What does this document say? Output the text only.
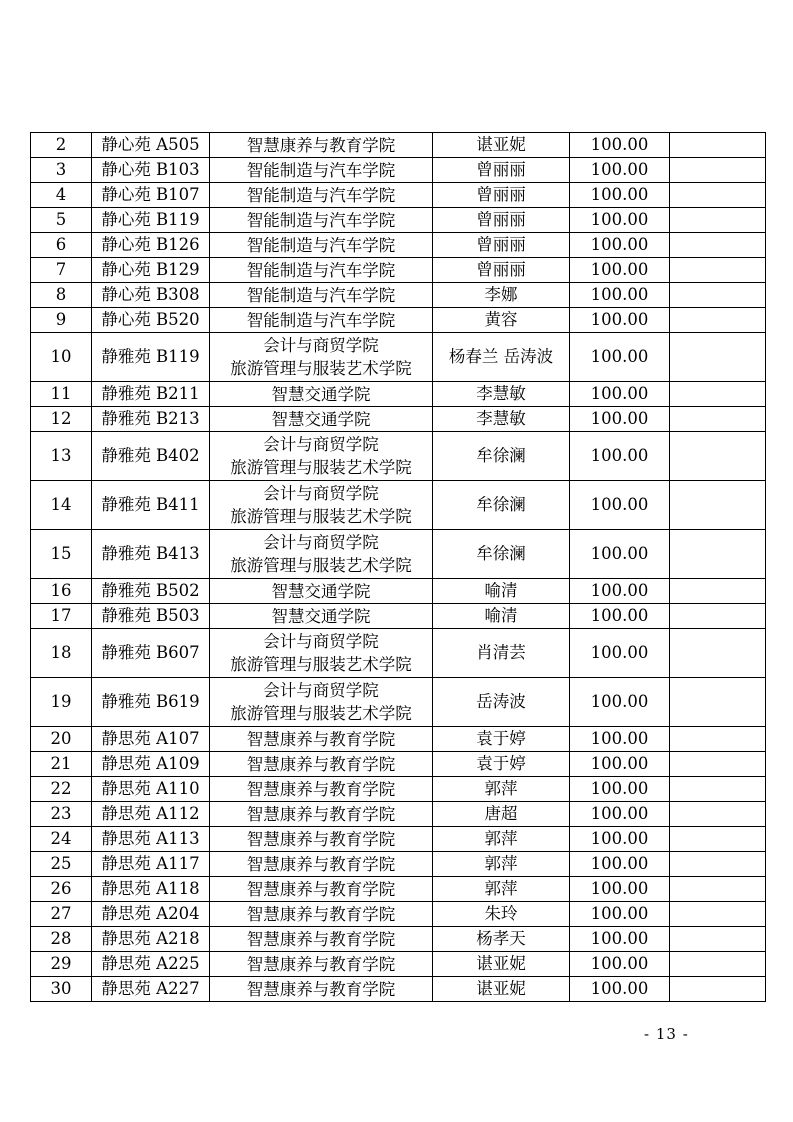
2	静心苑 A505	智慧康养与教育学院	谌亚妮	100.00	
3	静心苑 B103	智能制造与汽车学院	曾丽丽	100.00	
4	静心苑 B107	智能制造与汽车学院	曾丽丽	100.00	
5	静心苑 B119	智能制造与汽车学院	曾丽丽	100.00	
6	静心苑 B126	智能制造与汽车学院	曾丽丽	100.00	
7	静心苑 B129	智能制造与汽车学院	曾丽丽	100.00	
8	静心苑 B308	智能制造与汽车学院	李娜	100.00	
9	静心苑 B520	智能制造与汽车学院	黄容	100.00	
10	静雅苑 B119	会计与商贸学院
旅游管理与服装艺术学院	杨春兰 岳涛波	100.00	
11	静雅苑 B211	智慧交通学院	李慧敏	100.00	
12	静雅苑 B213	智慧交通学院	李慧敏	100.00	
13	静雅苑 B402	会计与商贸学院
旅游管理与服装艺术学院	牟徐澜	100.00	
14	静雅苑 B411	会计与商贸学院
旅游管理与服装艺术学院	牟徐澜	100.00	
15	静雅苑 B413	会计与商贸学院
旅游管理与服装艺术学院	牟徐澜	100.00	
16	静雅苑 B502	智慧交通学院	喻清	100.00	
17	静雅苑 B503	智慧交通学院	喻清	100.00	
18	静雅苑 B607	会计与商贸学院
旅游管理与服装艺术学院	肖清芸	100.00	
19	静雅苑 B619	会计与商贸学院
旅游管理与服装艺术学院	岳涛波	100.00	
20	静思苑 A107	智慧康养与教育学院	袁于婷	100.00	
21	静思苑 A109	智慧康养与教育学院	袁于婷	100.00	
22	静思苑 A110	智慧康养与教育学院	郭萍	100.00	
23	静思苑 A112	智慧康养与教育学院	唐超	100.00	
24	静思苑 A113	智慧康养与教育学院	郭萍	100.00	
25	静思苑 A117	智慧康养与教育学院	郭萍	100.00	
26	静思苑 A118	智慧康养与教育学院	郭萍	100.00	
27	静思苑 A204	智慧康养与教育学院	朱玲	100.00	
28	静思苑 A218	智慧康养与教育学院	杨孝天	100.00	
29	静思苑 A225	智慧康养与教育学院	谌亚妮	100.00	
30	静思苑 A227	智慧康养与教育学院	谌亚妮	100.00	
- 13 -
